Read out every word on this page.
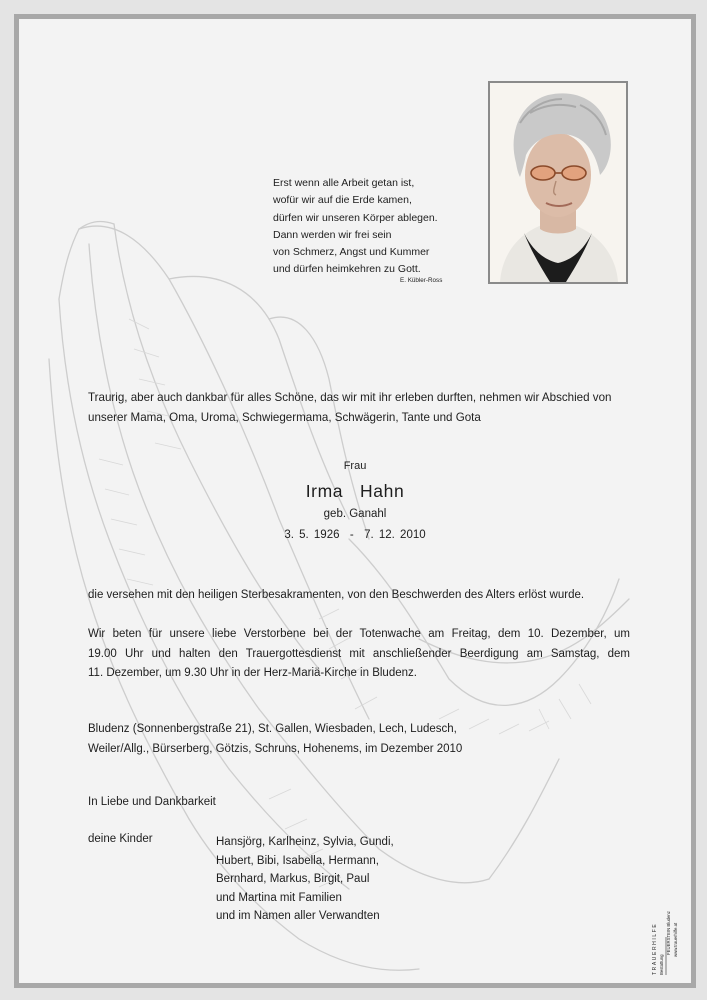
Erst wenn alle Arbeit getan ist,
wofür wir auf die Erde kamen,
dürfen wir unseren Körper ablegen.
Dann werden wir frei sein
von Schmerz, Angst und Kummer
und dürfen heimkehren zu Gott.
E. Kübler-Ross
Traurig, aber auch dankbar für alles Schöne, das wir mit ihr erleben durften, nehmen wir Abschied von unserer Mama, Oma, Uroma, Schwiegermama, Schwägerin, Tante und Gota
Frau
Irma  Hahn
geb. Ganahl
3. 5. 1926  -  7. 12. 2010
die versehen mit den heiligen Sterbesakramenten, von den Beschwerden des Alters erlöst wurde.
Wir beten für unsere liebe Verstorbene bei der Totenwache am Freitag, dem 10. Dezember, um
19.00 Uhr und halten den Trauergottesdienst mit anschließender Beerdigung am Samstag, dem
11. Dezember, um 9.30 Uhr in der Herz-Mariä-Kirche in Bludenz.
Bludenz (Sonnenbergstraße 21), St. Gallen, Wiesbaden, Lech, Ludesch,
Weiler/Allg., Bürserberg, Götzis, Schruns, Hohenems, im Dezember 2010
In Liebe und Dankbarkeit
deine Kinder	Hansjörg, Karlheinz, Sylvia, Gundi,
Hubert, Bibi, Isabella, Hermann,
Bernhard, Markus, Birgit, Paul
und Martina mit Familien
und im Namen aller Verwandten
TRAUERHILFE Bestattung
FEUERSTEIN Bludenz www.trauerhilfe.at
